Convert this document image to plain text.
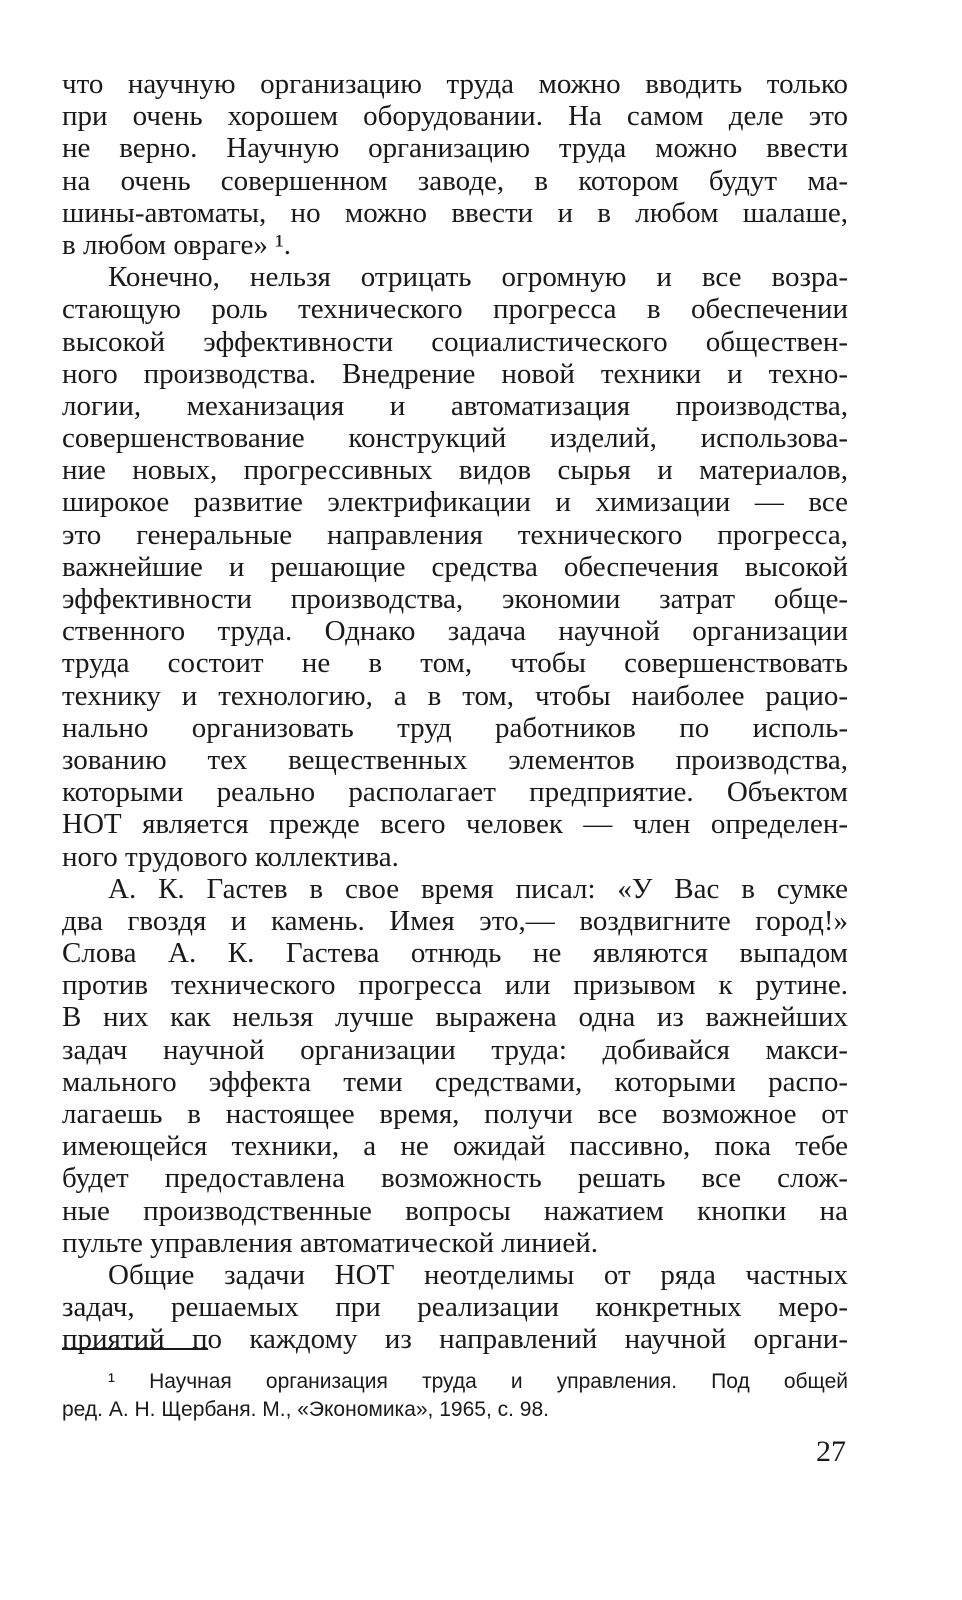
что научную организацию труда можно вводить только
при очень хорошем оборудовании. На самом деле это
не верно. Научную организацию труда можно ввести
на очень совершенном заводе, в котором будут ма-
шины-автоматы, но можно ввести и в любом шалаше,
в любом овраге» ¹.
Конечно, нельзя отрицать огромную и все возра-
стающую роль технического прогресса в обеспечении
высокой эффективности социалистического обществен-
ного производства. Внедрение новой техники и техно-
логии, механизация и автоматизация производства,
совершенствование конструкций изделий, использова-
ние новых, прогрессивных видов сырья и материалов,
широкое развитие электрификации и химизации — все
это генеральные направления технического прогресса,
важнейшие и решающие средства обеспечения высокой
эффективности производства, экономии затрат обще-
ственного труда. Однако задача научной организации
труда состоит не в том, чтобы совершенствовать
технику и технологию, а в том, чтобы наиболее рацио-
нально организовать труд работников по исполь-
зованию тех вещественных элементов производства,
которыми реально располагает предприятие. Объектом
НОТ является прежде всего человек — член определен-
ного трудового коллектива.
А. К. Гастев в свое время писал: «У Вас в сумке
два гвоздя и камень. Имея это,— воздвигните город!»
Слова А. К. Гастева отнюдь не являются выпадом
против технического прогресса или призывом к рутине.
В них как нельзя лучше выражена одна из важнейших
задач научной организации труда: добивайся макси-
мального эффекта теми средствами, которыми распо-
лагаешь в настоящее время, получи все возможное от
имеющейся техники, а не ожидай пассивно, пока тебе
будет предоставлена возможность решать все слож-
ные производственные вопросы нажатием кнопки на
пульте управления автоматической линией.
Общие задачи НОТ неотделимы от ряда частных
задач, решаемых при реализации конкретных меро-
приятий по каждому из направлений научной органи-
¹ Научная организация труда и управления. Под общей
ред. А. Н. Щербаня. М., «Экономика», 1965, с. 98.
27
